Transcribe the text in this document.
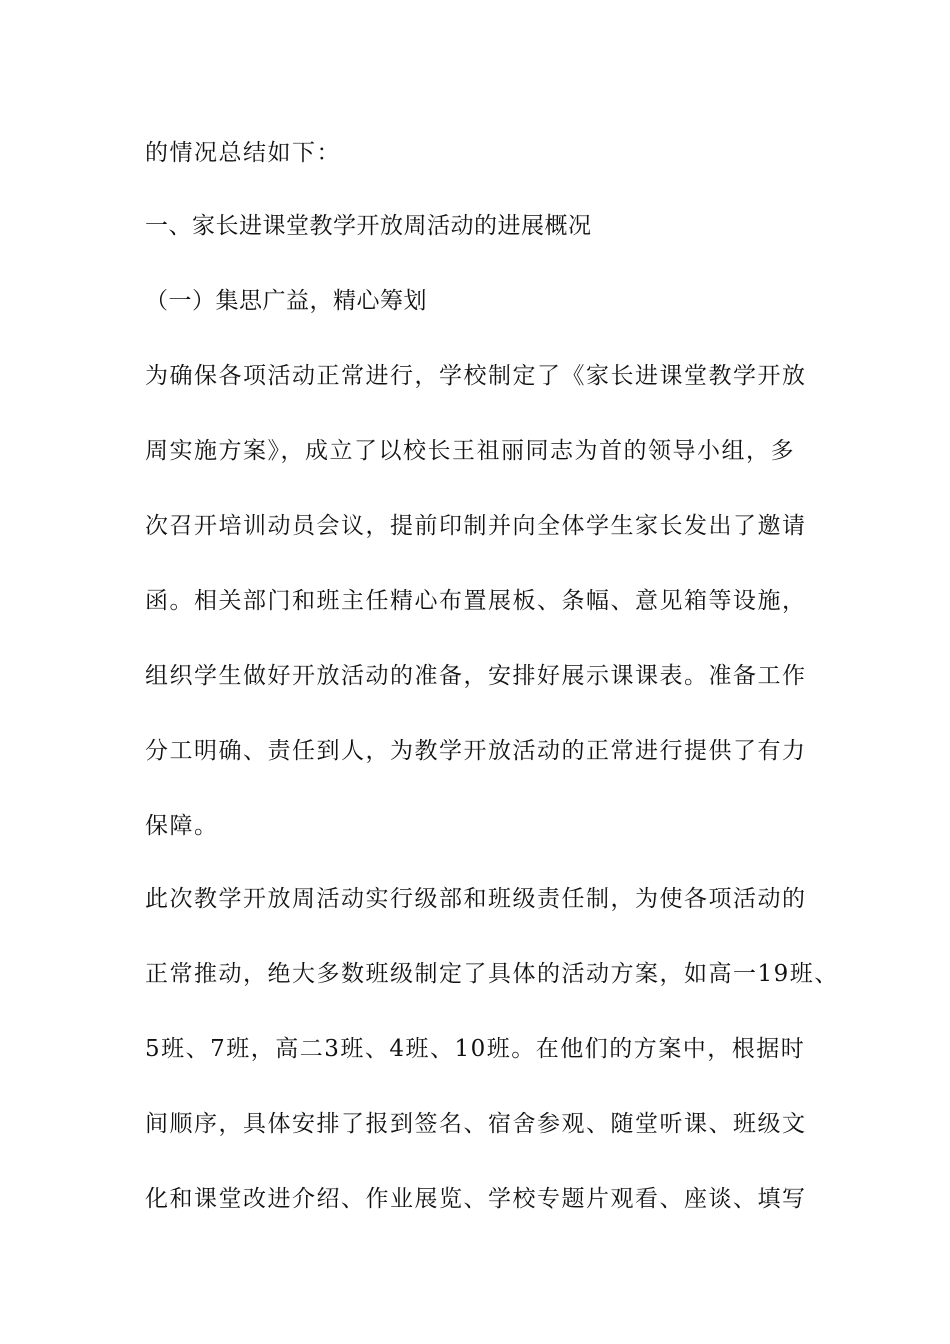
的情况总结如下：

一、家长进课堂教学开放周活动的进展概况

（一）集思广益，精心筹划

为确保各项活动正常进行，学校制定了《家长进课堂教学开放

周实施方案》，成立了以校长王祖丽同志为首的领导小组，多

次召开培训动员会议，提前印制并向全体学生家长发出了邀请

函。相关部门和班主任精心布置展板、条幅、意见箱等设施，

组织学生做好开放活动的准备，安排好展示课课表。准备工作

分工明确、责任到人，为教学开放活动的正常进行提供了有力

保障。

此次教学开放周活动实行级部和班级责任制，为使各项活动的

正常推动，绝大多数班级制定了具体的活动方案，如高一19班、

5班、7班，高二3班、4班、10班。在他们的方案中，根据时

间顺序，具体安排了报到签名、宿舍参观、随堂听课、班级文

化和课堂改进介绍、作业展览、学校专题片观看、座谈、填写
